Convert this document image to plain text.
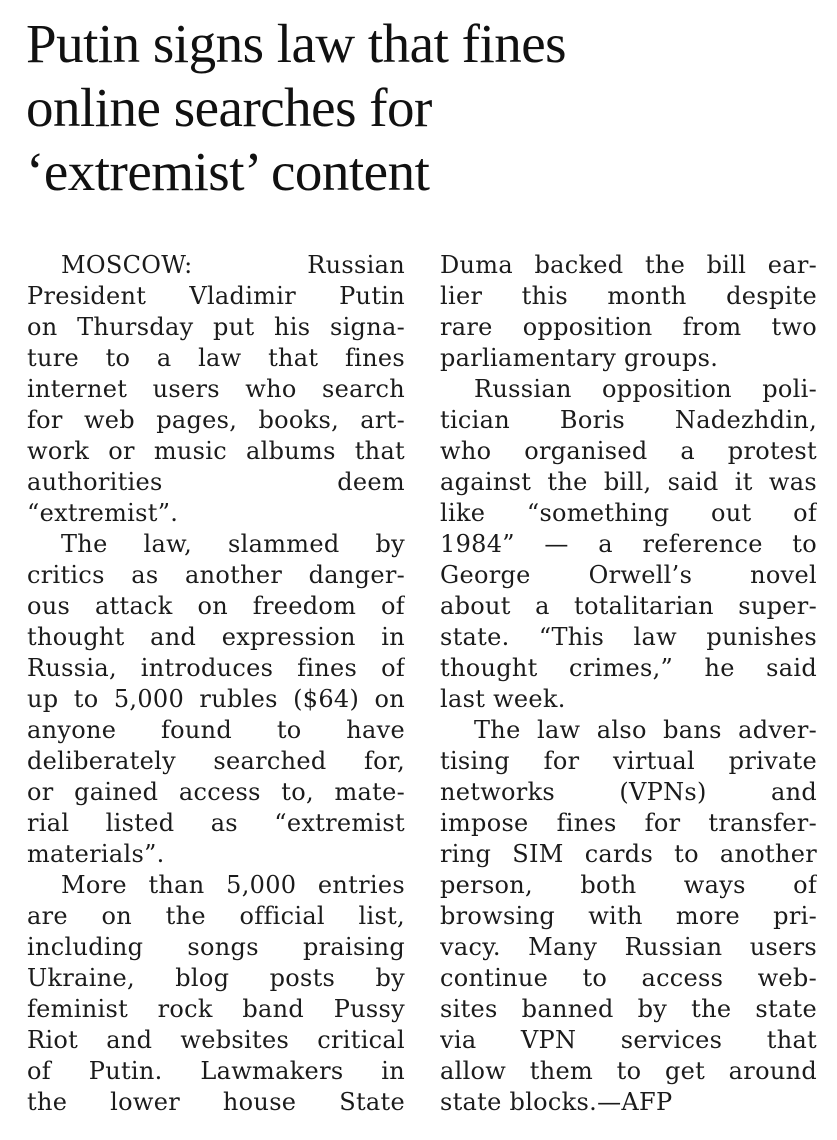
Putin signs law that fines
online searches for
‘extremist’ content
MOSCOW: Russian
President Vladimir Putin
on Thursday put his signa-
ture to a law that fines
internet users who search
for web pages, books, art-
work or music albums that
authorities deem
“extremist”.
The law, slammed by
critics as another danger-
ous attack on freedom of
thought and expression in
Russia, introduces fines of
up to 5,000 rubles ($64) on
anyone found to have
deliberately searched for,
or gained access to, mate-
rial listed as “extremist
materials”.
More than 5,000 entries
are on the official list,
including songs praising
Ukraine, blog posts by
feminist rock band Pussy
Riot and websites critical
of Putin. Lawmakers in
the lower house State
Duma backed the bill ear-
lier this month despite
rare opposition from two
parliamentary groups.
Russian opposition poli-
tician Boris Nadezhdin,
who organised a protest
against the bill, said it was
like “something out of
1984” — a reference to
George Orwell’s novel
about a totalitarian super-
state. “This law punishes
thought crimes,” he said
last week.
The law also bans adver-
tising for virtual private
networks (VPNs) and
impose fines for transfer-
ring SIM cards to another
person, both ways of
browsing with more pri-
vacy. Many Russian users
continue to access web-
sites banned by the state
via VPN services that
allow them to get around
state blocks.—AFP
